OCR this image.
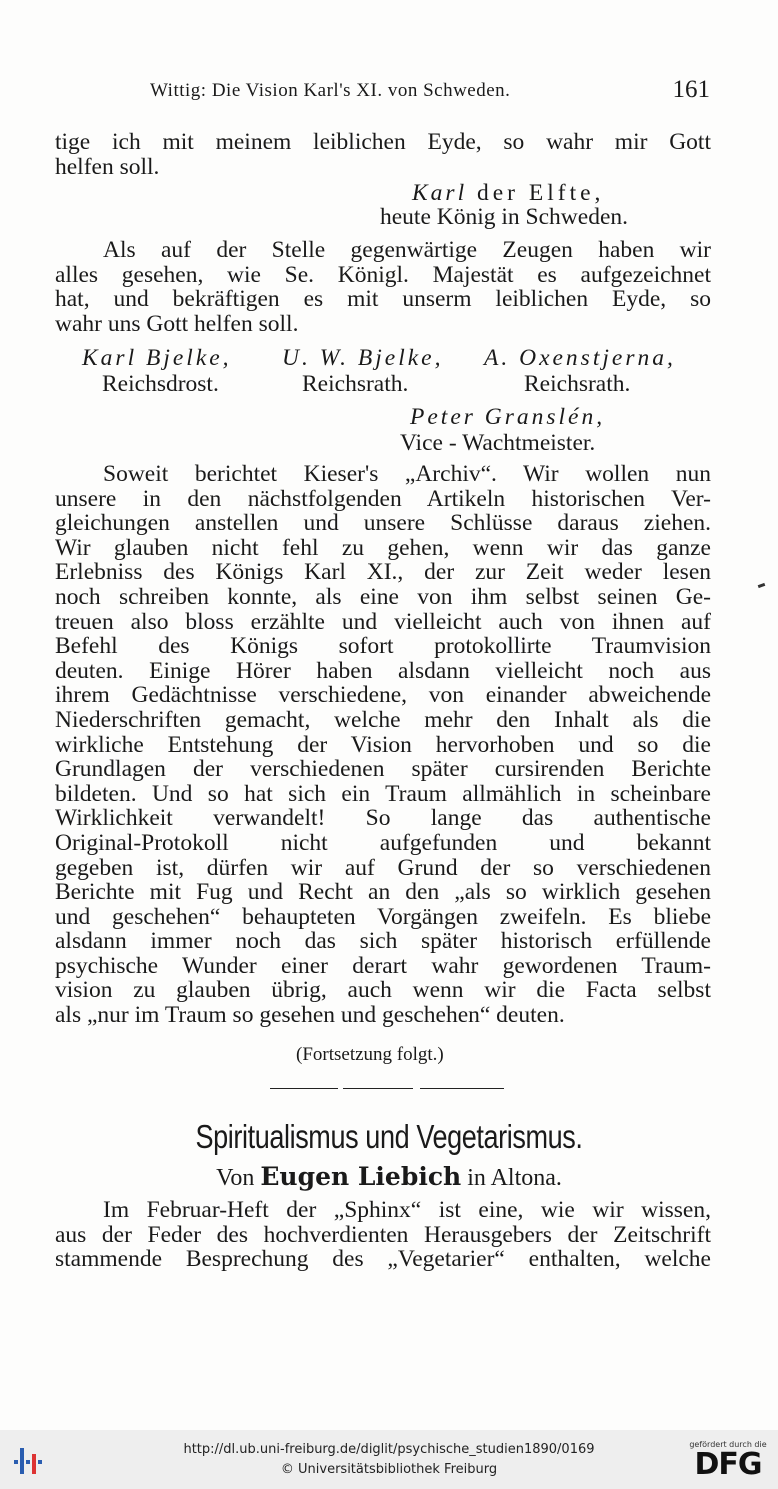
Wittig: Die Vision Karl's XI. von Schweden.	161
tige ich mit meinem leiblichen Eyde, so wahr mir Gott
helfen soll.
Karl der Elfte,
heute König in Schweden.
Als auf der Stelle gegenwärtige Zeugen haben wir
alles gesehen, wie Se. Königl. Majestät es aufgezeichnet
hat, und bekräftigen es mit unserm leiblichen Eyde, so
wahr uns Gott helfen soll.
Karl Bjelke,
Reichsdrost.
U. W. Bjelke,
Reichsrath.
A. Oxenstjerna,
Reichsrath.
Peter Granslén,
Vice - Wachtmeister.
Soweit berichtet Kieser's „Archiv“. Wir wollen nun
unsere in den nächstfolgenden Artikeln historischen Ver-
gleichungen anstellen und unsere Schlüsse daraus ziehen.
Wir glauben nicht fehl zu gehen, wenn wir das ganze
Erlebniss des Königs Karl XI., der zur Zeit weder lesen
noch schreiben konnte, als eine von ihm selbst seinen Ge-
treuen also bloss erzählte und vielleicht auch von ihnen auf
Befehl des Königs sofort protokollirte Traumvision
deuten. Einige Hörer haben alsdann vielleicht noch aus
ihrem Gedächtnisse verschiedene, von einander abweichende
Niederschriften gemacht, welche mehr den Inhalt als die
wirkliche Entstehung der Vision hervorhoben und so die
Grundlagen der verschiedenen später cursirenden Berichte
bildeten. Und so hat sich ein Traum allmählich in scheinbare
Wirklichkeit verwandelt! So lange das authentische
Original-Protokoll nicht aufgefunden und bekannt
gegeben ist, dürfen wir auf Grund der so verschiedenen
Berichte mit Fug und Recht an den „als so wirklich gesehen
und geschehen“ behaupteten Vorgängen zweifeln. Es bliebe
alsdann immer noch das sich später historisch erfüllende
psychische Wunder einer derart wahr gewordenen Traum-
vision zu glauben übrig, auch wenn wir die Facta selbst
als „nur im Traum so gesehen und geschehen“ deuten.
(Fortsetzung folgt.)
Spiritualismus und Vegetarismus.
Von Eugen Liebich in Altona.
Im Februar-Heft der „Sphinx“ ist eine, wie wir wissen,
aus der Feder des hochverdienten Herausgebers der Zeitschrift
stammende Besprechung des „Vegetarier“ enthalten, welche
http://dl.ub.uni-freiburg.de/diglit/psychische_studien1890/0169
© Universitätsbibliothek Freiburg
gefördert durch die
DFG
